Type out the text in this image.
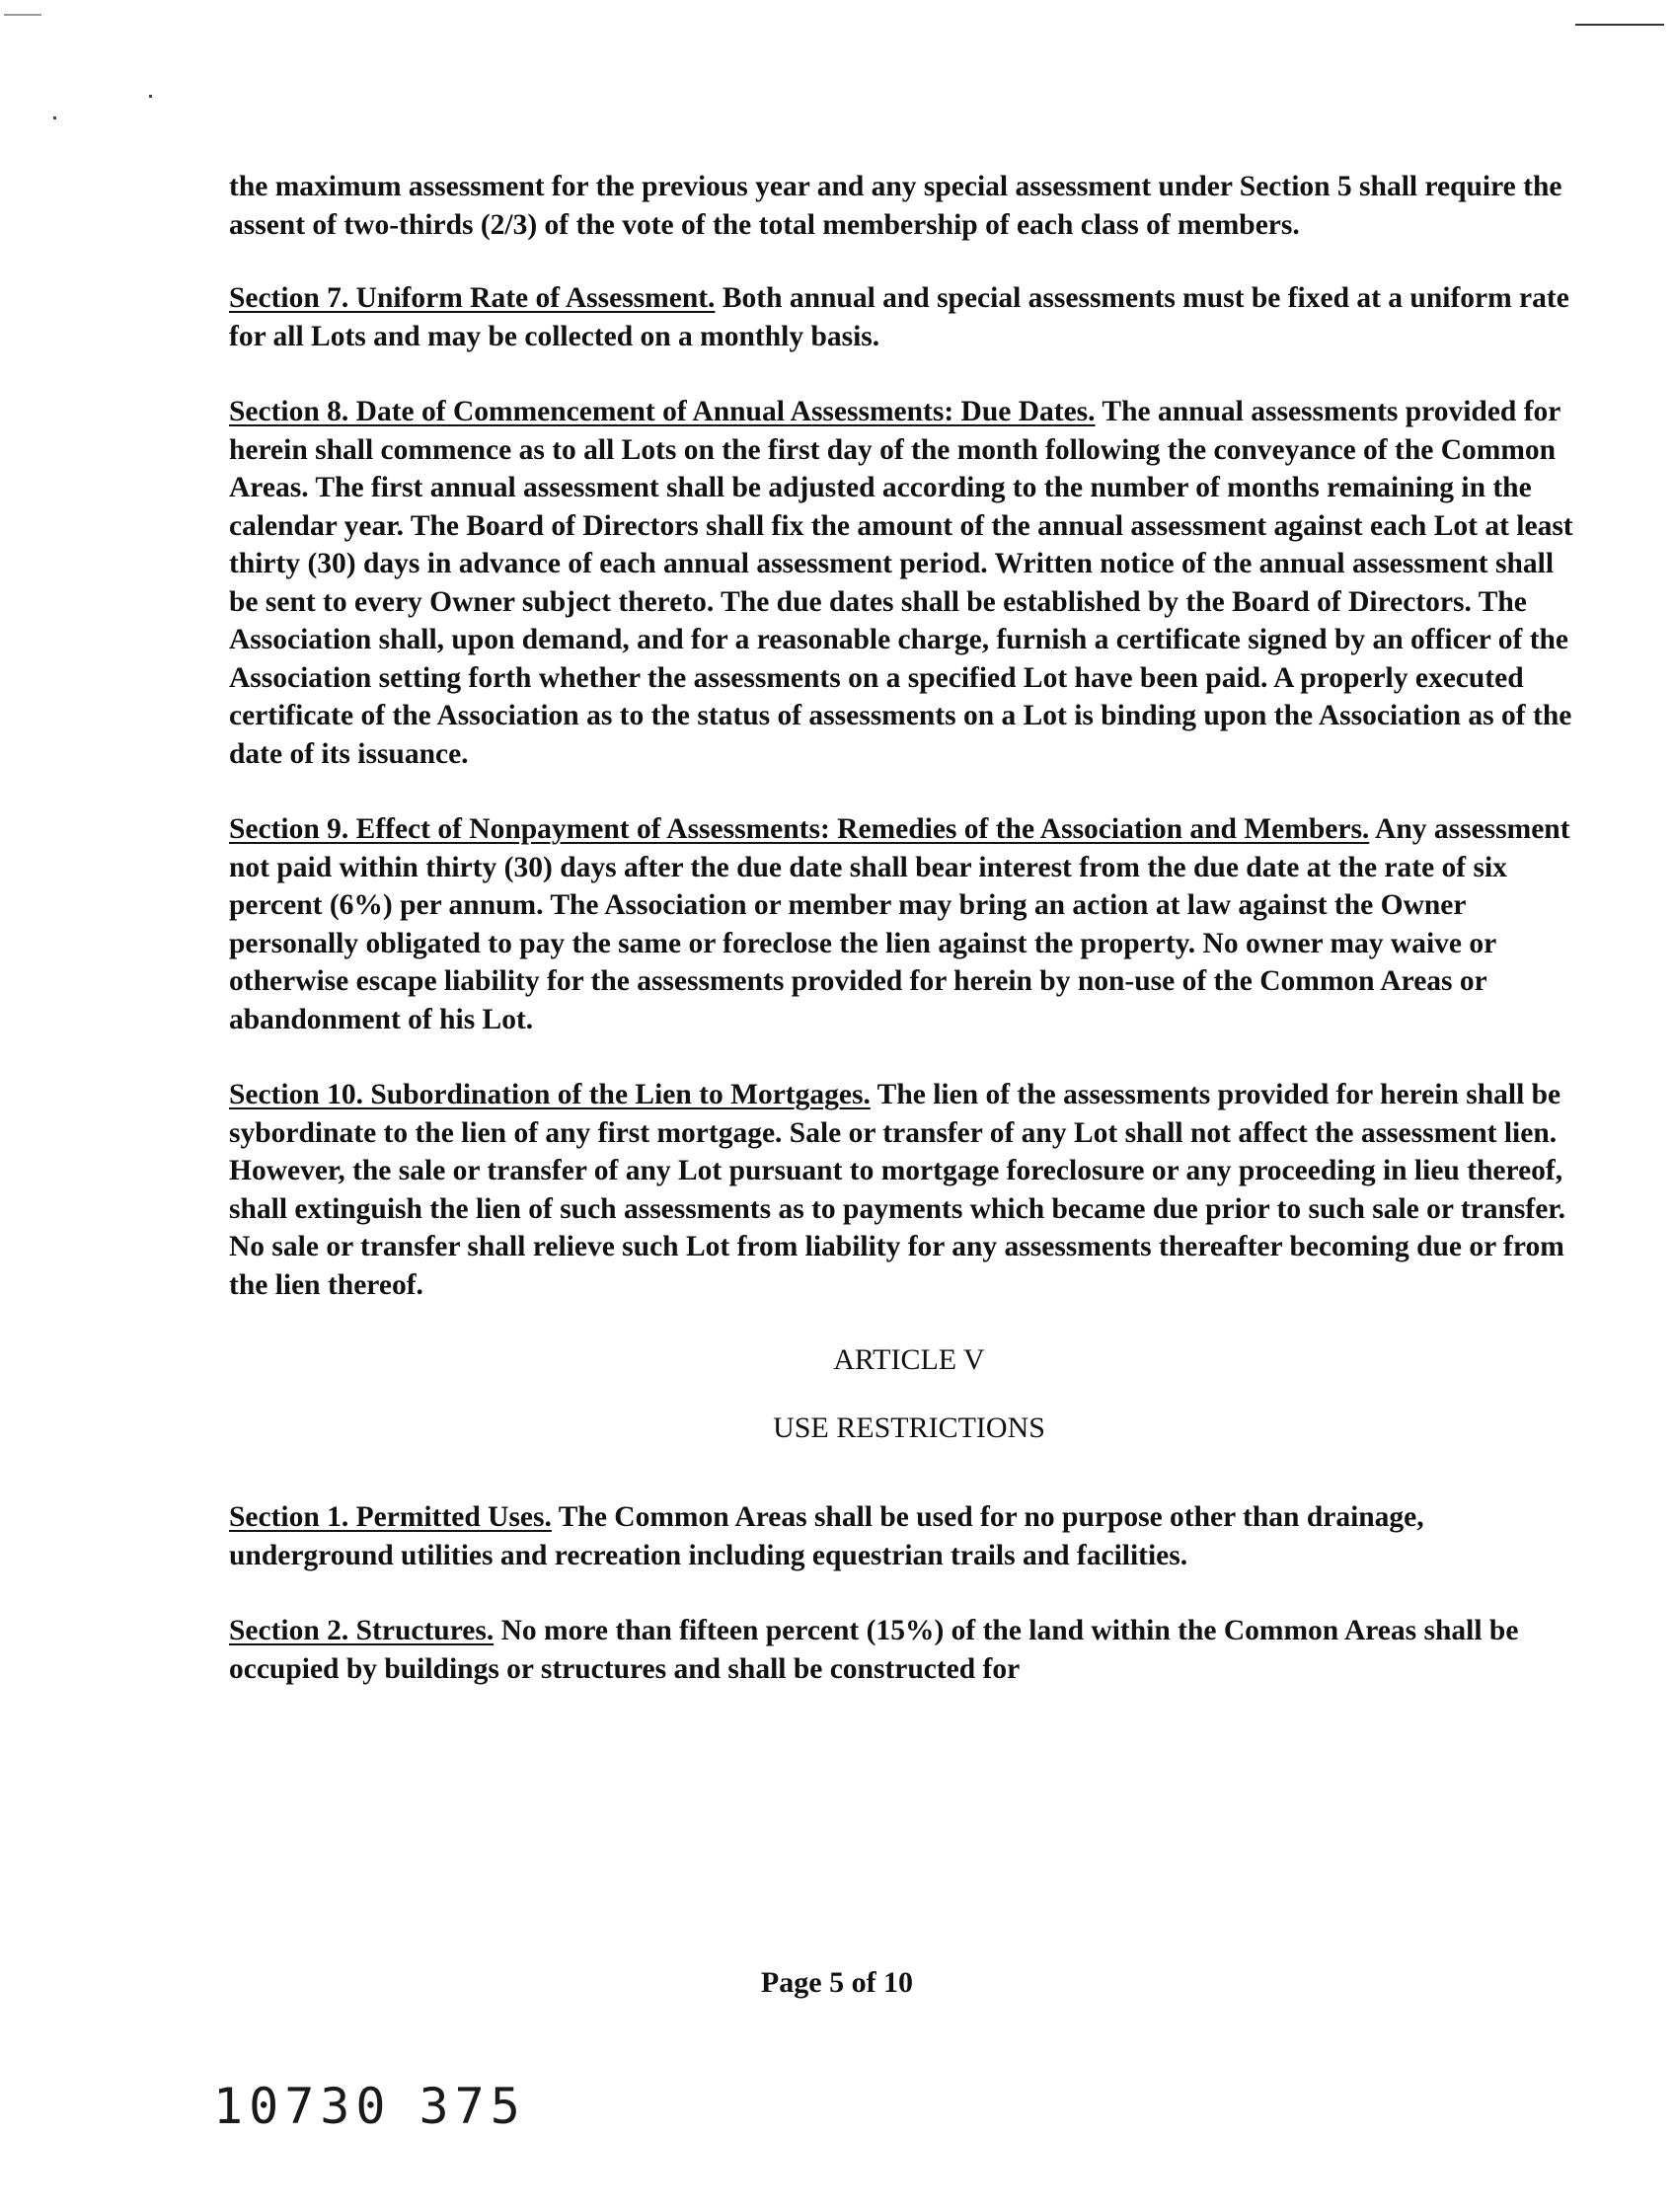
the maximum assessment for the previous year and any special assessment under Section 5 shall require the assent of two-thirds (2/3) of the vote of the total membership of each class of members.

Section 7. Uniform Rate of Assessment. Both annual and special assessments must be fixed at a uniform rate for all Lots and may be collected on a monthly basis.

Section 8. Date of Commencement of Annual Assessments: Due Dates. The annual assessments provided for herein shall commence as to all Lots on the first day of the month following the conveyance of the Common Areas. The first annual assessment shall be adjusted according to the number of months remaining in the calendar year. The Board of Directors shall fix the amount of the annual assessment against each Lot at least thirty (30) days in advance of each annual assessment period. Written notice of the annual assessment shall be sent to every Owner subject thereto. The due dates shall be established by the Board of Directors. The Association shall, upon demand, and for a reasonable charge, furnish a certificate signed by an officer of the Association setting forth whether the assessments on a specified Lot have been paid. A properly executed certificate of the Association as to the status of assessments on a Lot is binding upon the Association as of the date of its issuance.

Section 9. Effect of Nonpayment of Assessments: Remedies of the Association and Members. Any assessment not paid within thirty (30) days after the due date shall bear interest from the due date at the rate of six percent (6%) per annum. The Association or member may bring an action at law against the Owner personally obligated to pay the same or foreclose the lien against the property. No owner may waive or otherwise escape liability for the assessments provided for herein by non-use of the Common Areas or abandonment of his Lot.

Section 10. Subordination of the Lien to Mortgages. The lien of the assessments provided for herein shall be sybordinate to the lien of any first mortgage. Sale or transfer of any Lot shall not affect the assessment lien. However, the sale or transfer of any Lot pursuant to mortgage foreclosure or any proceeding in lieu thereof, shall extinguish the lien of such assessments as to payments which became due prior to such sale or transfer. No sale or transfer shall relieve such Lot from liability for any assessments thereafter becoming due or from the lien thereof.

ARTICLE V

USE RESTRICTIONS

Section 1. Permitted Uses. The Common Areas shall be used for no purpose other than drainage, underground utilities and recreation including equestrian trails and facilities.

Section 2. Structures. No more than fifteen percent (15%) of the land within the Common Areas shall be occupied by buildings or structures and shall be constructed for

Page 5 of 10
10730 375
